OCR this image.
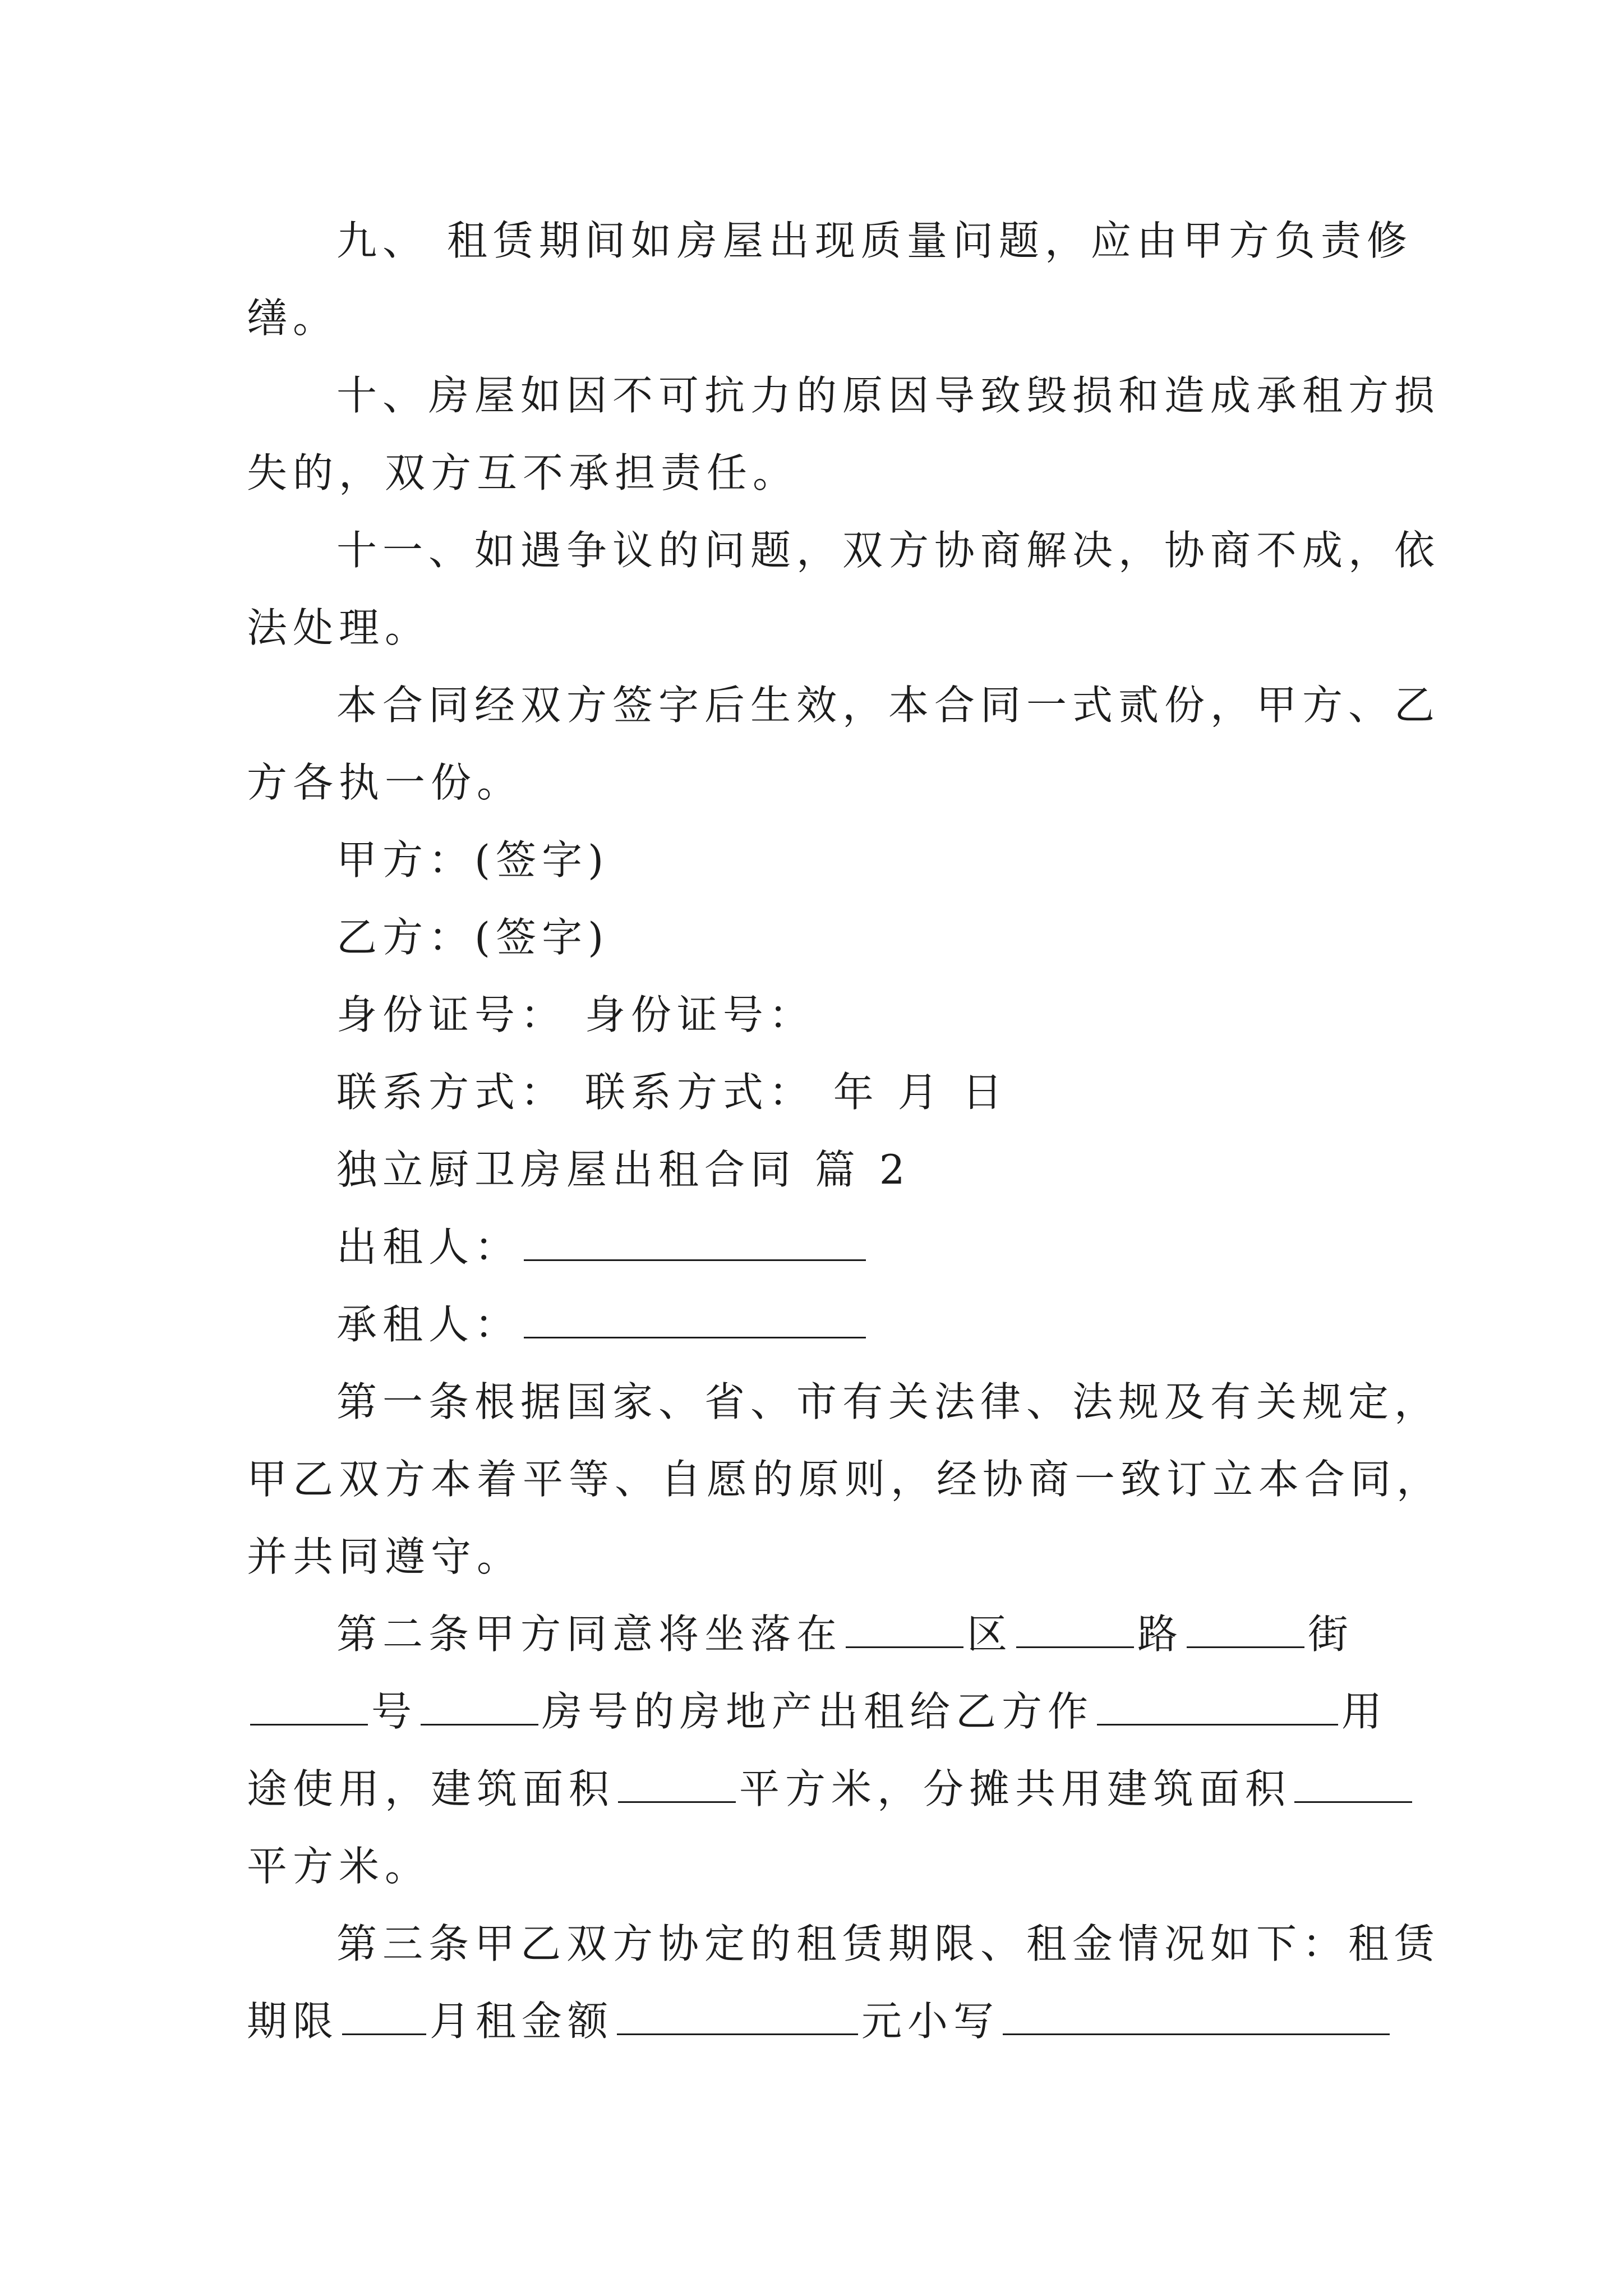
九、 租赁期间如房屋出现质量问题，应由甲方负责修
缮。
十、房屋如因不可抗力的原因导致毁损和造成承租方损
失的，双方互不承担责任。
十一、如遇争议的问题，双方协商解决，协商不成，依
法处理。
本合同经双方签字后生效，本合同一式贰份，甲方、乙
方各执一份。
甲方：(签字)
乙方：(签字)
身份证号： 身份证号：
联系方式： 联系方式： 年 月 日
独立厨卫房屋出租合同 篇 2
出租人：
承租人：
第一条根据国家、省、市有关法律、法规及有关规定，
甲乙双方本着平等、自愿的原则，经协商一致订立本合同，
并共同遵守。
第二条甲方同意将坐落在	区	路	街
号	房号的房地产出租给乙方作	用
途使用，建筑面积	平方米，分摊共用建筑面积
平方米。
第三条甲乙双方协定的租赁期限、租金情况如下：租赁
期限 月租金额	元小写
